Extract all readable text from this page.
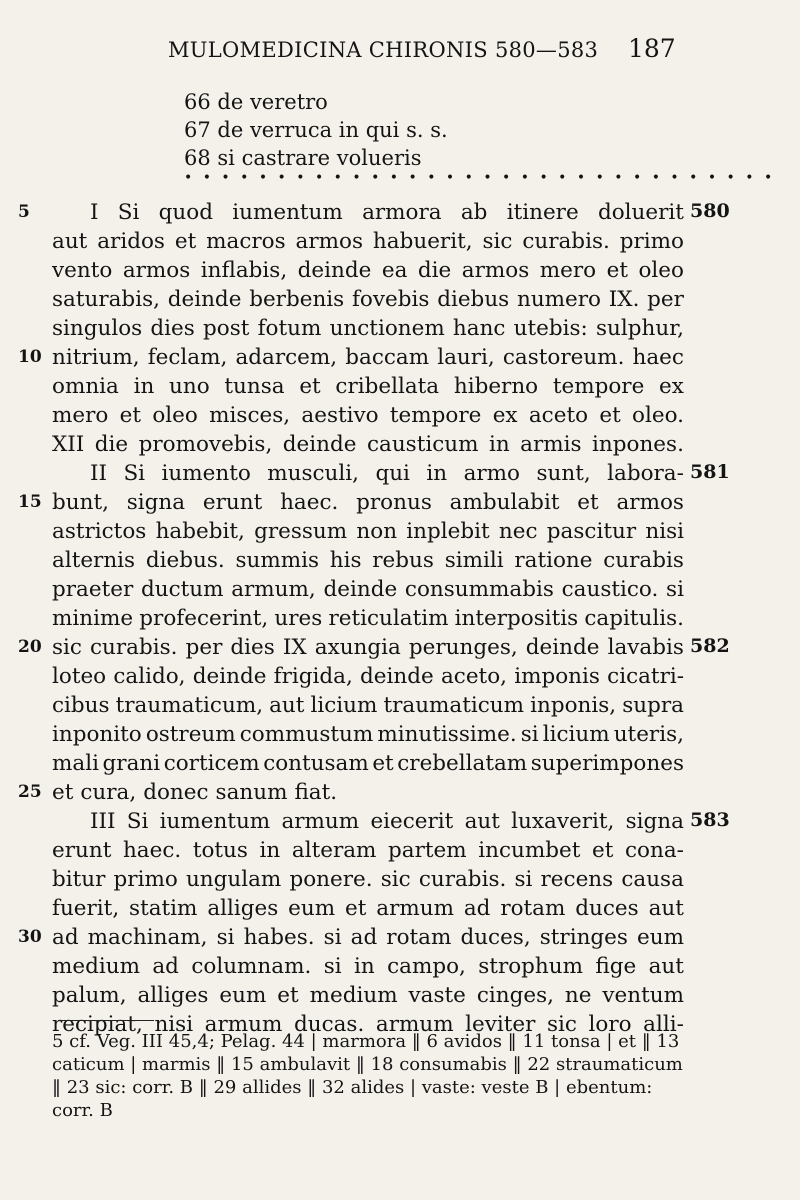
MULOMEDICINA CHIRONIS 580—583 187
66 de veretro
67 de verruca in qui s. s.
68 si castrare volueris
• • • • • • • • • • • • • • • • • • • • • • • • • • • • • • • •
I Si quod iumentum armora ab itinere doluerit
aut aridos et macros armos habuerit, sic curabis. primo
vento armos inflabis, deinde ea die armos mero et oleo
saturabis, deinde berbenis fovebis diebus numero IX. per
singulos dies post fotum unctionem hanc utebis: sulphur,
nitrium, feclam, adarcem, baccam lauri, castoreum. haec
omnia in uno tunsa et cribellata hiberno tempore ex
mero et oleo misces, aestivo tempore ex aceto et oleo.
XII die promovebis, deinde causticum in armis inpones.
II Si iumento musculi, qui in armo sunt, labora-
bunt, signa erunt haec. pronus ambulabit et armos
astrictos habebit, gressum non inplebit nec pascitur nisi
alternis diebus. summis his rebus simili ratione curabis
praeter ductum armum, deinde consummabis caustico. si
minime profecerint, ures reticulatim interpositis capitulis.
sic curabis. per dies IX axungia perunges, deinde lavabis
loteo calido, deinde frigida, deinde aceto, imponis cicatri-
cibus traumaticum, aut licium traumaticum inponis, supra
inponito ostreum commustum minutissime. si licium uteris,
mali grani corticem contusam et crebellatam superimpones
et cura, donec sanum fiat.
III Si iumentum armum eiecerit aut luxaverit, signa
erunt haec. totus in alteram partem incumbet et cona-
bitur primo ungulam ponere. sic curabis. si recens causa
fuerit, statim alliges eum et armum ad rotam duces aut
ad machinam, si habes. si ad rotam duces, stringes eum
medium ad columnam. si in campo, strophum fige aut
palum, alliges eum et medium vaste cinges, ne ventum
recipiat, nisi armum ducas. armum leviter sic loro alli-
5 cf. Veg. III 45,4; Pelag. 44 | marmora ‖ 6 avidos ‖ 11 tonsa | et ‖ 13 caticum | marmis ‖ 15 ambulavit ‖ 18 consumabis ‖ 22 straumaticum ‖ 23 sic: corr. B ‖ 29 allides ‖ 32 alides | vaste: veste B | ebentum: corr. B
5
10
15
20
25
30
580
581
582
583
